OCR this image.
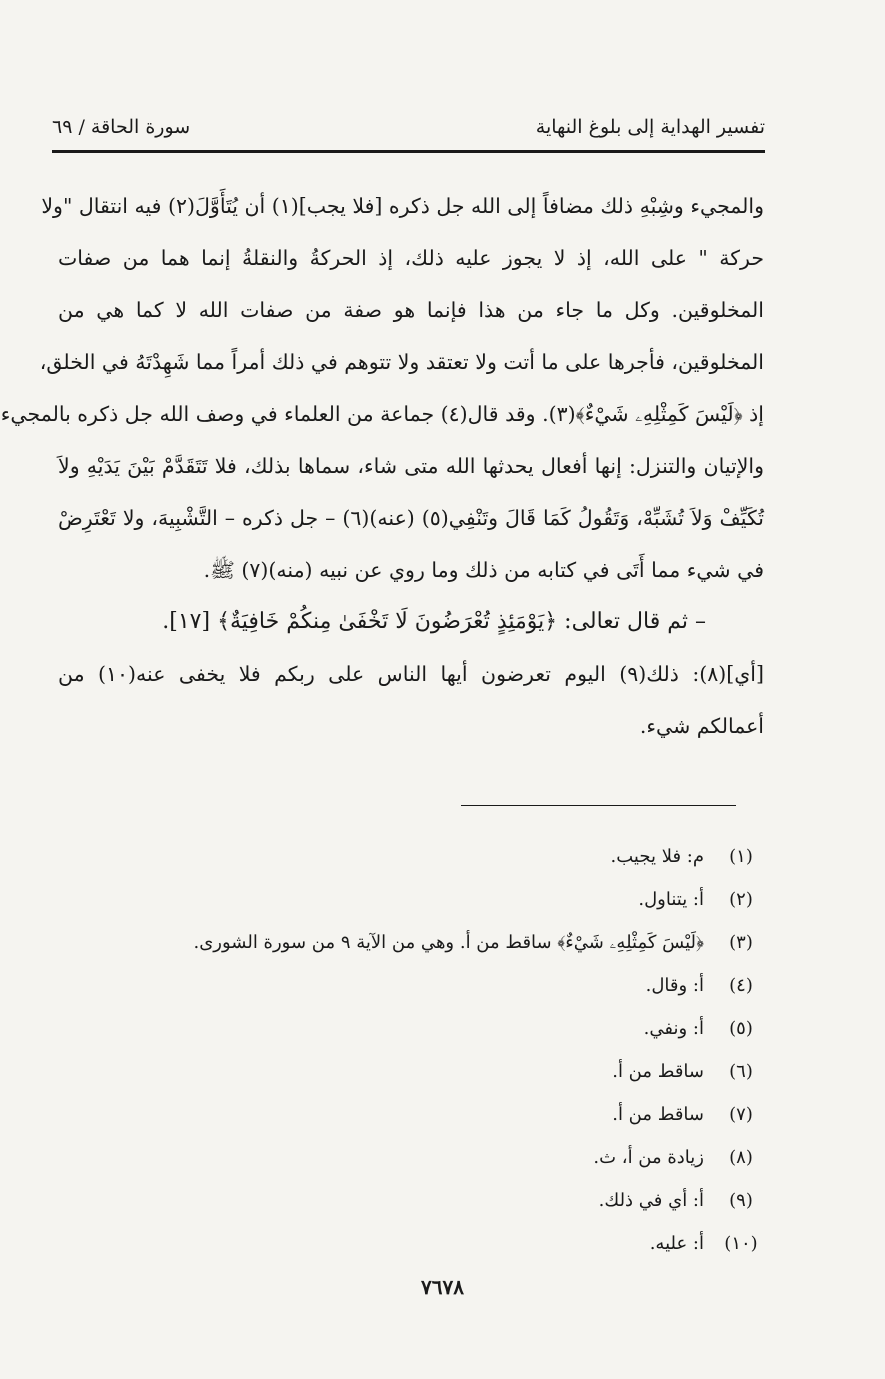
تفسير الهداية إلى بلوغ النهاية
سورة الحاقة / ٦٩
والمجيء وشِبْهِ ذلك مضافاً إلى الله جل ذكره [فلا يجب](١) أن يُتَأَوَّلَ(٢) فيه انتقال "ولا
حركة " على الله، إذ لا يجوز عليه ذلك، إذ الحركةُ والنقلةُ إنما هما من صفات
المخلوقين. وكل ما جاء من هذا فإنما هو صفة من صفات الله لا كما هي من
المخلوقين، فأجرها على ما أتت ولا تعتقد ولا تتوهم في ذلك أمراً مما شَهِدْتَهُ في الخلق،
إذ ﴿لَيْسَ كَمِثْلِهِۦ شَيْءٌ﴾(٣). وقد قال(٤) جماعة من العلماء في وصف الله جل ذكره بالمجيء
والإتيان والتنزل: إنها أفعال يحدثها الله متى شاء، سماها بذلك، فلا تَتَقَدَّمْ بَيْنَ يَدَيْهِ ولاَ
تُكَيِّفْ وَلاَ تُشَبِّهْ، وَتَقُولُ كَمَا قَالَ وتَنْفِي(٥) (عنه)(٦) – جل ذكره – التَّشْبِيهَ، ولا تَعْتَرِضْ
في شيء مما أَتَى في كتابه من ذلك وما روي عن نبيه (منه)(٧) ﷺ.
– ثم قال تعالى: ﴿يَوْمَئِذٍ تُعْرَضُونَ لَا تَخْفَىٰ مِنكُمْ خَافِيَةٌ﴾ [١٧].
[أي](٨): ذلك(٩) اليوم تعرضون أيها الناس على ربكم فلا يخفى عنه(١٠) من
أعمالكم شيء.
(١)م: فلا يجيب.
(٢)أ: يتناول.
(٣)﴿لَيْسَ كَمِثْلِهِۦ شَيْءٌ﴾ ساقط من أ. وهي من الآية ٩ من سورة الشورى.
(٤)أ: وقال.
(٥)أ: ونفي.
(٦)ساقط من أ.
(٧)ساقط من أ.
(٨)زيادة من أ، ث.
(٩)أ: أي في ذلك.
(١٠)أ: عليه.
٧٦٧٨
